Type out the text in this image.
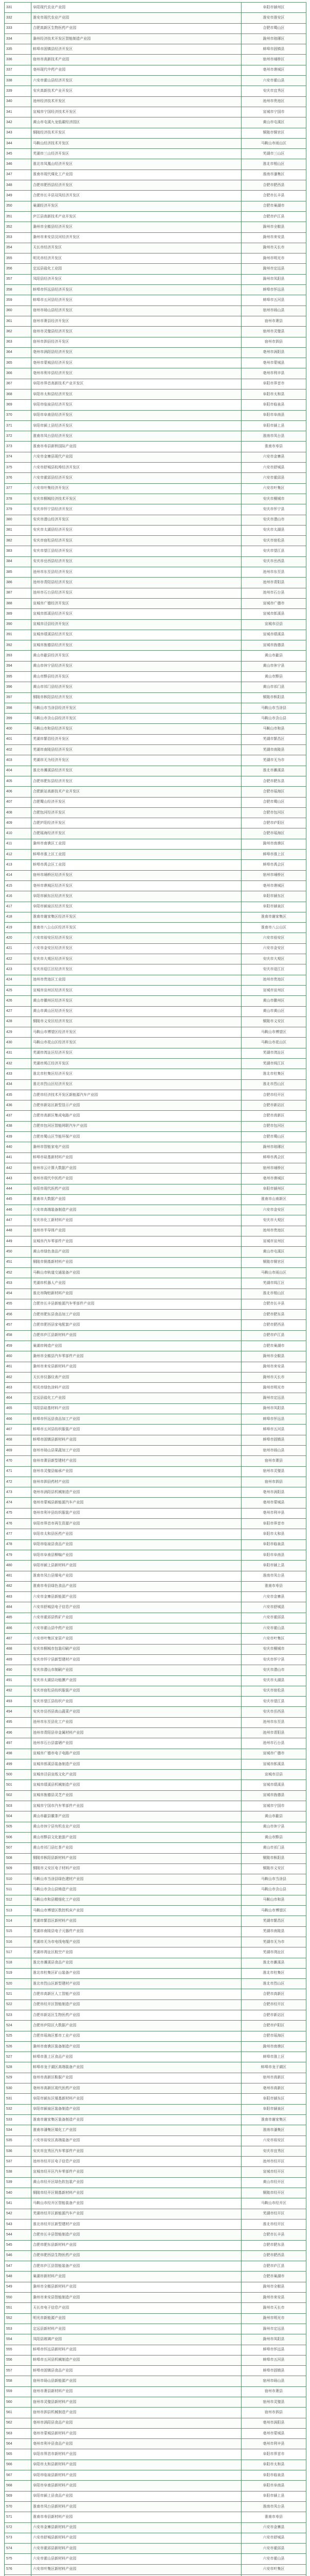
331	阜阳现代农业产业园	阜阳市颍州区
332	淮安市现代农业产业园	淮安市淮安区
333	合肥高新区生物医药产业园	合肥市蜀山区
334	滁州经济技术开发区智能制造产业园	滁州市琅琊区
335	蚌埠市固镇县经济开发区	蚌埠市固镇县
336	宿州市高新技术产业园	宿州市埇桥区
337	亳州现代中药产业园	亳州市谯城区
338	六安市霍山县经济开发区	六安市霍山县
339	安庆高新技术产业开发区	安庆市宜秀区
340	池州经济技术开发区	池州市贵池区
341	宣城市宁国经济技术开发区	宣城市宁国市
342	黄山市屯溪九龙低碳经济园区	黄山市屯溪区
343	铜陵经济技术开发区	铜陵市铜官区
344	马鞍山经济技术开发区	马鞍山市雨山区
345	芜湖市三山经济开发区	芜湖市三山区
346	淮北市凤凰山经济开发区	淮北市相山区
347	淮南市现代煤化工产业园	淮南市潘集区
348	合肥市肥西县经济开发区	合肥市肥西县
349	合肥市长丰县双凤经济开发区	合肥市长丰县
350	巢湖经济开发区	合肥市巢湖市
351	庐江县高新技术产业开发区	合肥市庐江县
352	滁州市全椒县经济开发区	滁州市全椒县
353	滁州市来安县汊河经济开发区	滁州市来安县
354	天长市经济开发区	滁州市天长市
355	明光市经济开发区	滁州市明光市
356	定远县盐化工业园	滁州市定远县
357	凤阳县经济开发区	滁州市凤阳县
358	蚌埠市怀远县经济开发区	蚌埠市怀远县
359	蚌埠市五河县经济开发区	蚌埠市五河县
360	宿州市砀山县经济开发区	宿州市砀山县
361	宿州市萧县经济开发区	宿州市萧县
362	宿州市灵璧县经济开发区	宿州市灵璧县
363	宿州市泗县经济开发区	宿州市泗县
364	亳州市涡阳县经济开发区	亳州市涡阳县
365	亳州市蒙城县经济开发区	亳州市蒙城县
366	亳州市利辛县经济开发区	亳州市利辛县
367	阜阳市界首高新技术产业开发区	阜阳市界首市
368	阜阳市太和县经济开发区	阜阳市太和县
369	阜阳市临泉县经济开发区	阜阳市临泉县
370	阜阳市阜南县经济开发区	阜阳市阜南县
371	阜阳市颍上县经济开发区	阜阳市颍上县
372	淮南市凤台县经济开发区	淮南市凤台县
373	淮南市寿县新桥国际产业园	淮南市寿县
374	六安市金寨县现代产业园	六安市金寨县
375	六安市舒城县杭埠经济开发区	六安市舒城县
376	六安市霍邱县经济开发区	六安市霍邱县
377	六安市叶集经济开发区	六安市叶集区
378	安庆市桐城经济技术开发区	安庆市桐城市
379	安庆市怀宁县经济开发区	安庆市怀宁县
380	安庆市潜山经济开发区	安庆市潜山市
381	安庆市太湖县经济开发区	安庆市太湖县
382	安庆市宿松县经济开发区	安庆市宿松县
383	安庆市望江县经济开发区	安庆市望江县
384	安庆市岳西县经济开发区	安庆市岳西县
385	池州市东至县经济开发区	池州市东至县
386	池州市青阳县经济开发区	池州市青阳县
387	池州市石台县经济开发区	池州市石台县
388	宣城市广德经济开发区	宣城市广德市
389	宣城市郎溪县经济开发区	宣城市郎溪县
390	宣城市泾县经济开发区	宣城市泾县
391	宣城市绩溪县经济开发区	宣城市绩溪县
392	宣城市旌德县经济开发区	宣城市旌德县
393	黄山市歙县经济开发区	黄山市歙县
394	黄山市休宁县经济开发区	黄山市休宁县
395	黄山市黟县经济开发区	黄山市黟县
396	黄山市祁门县经济开发区	黄山市祁门县
397	铜陵市枞阳县经济开发区	铜陵市枞阳县
398	马鞍山市当涂县经济开发区	马鞍山市当涂县
399	马鞍山市含山县经济开发区	马鞍山市含山县
400	马鞍山市和县经济开发区	马鞍山市和县
401	芜湖市繁昌经济开发区	芜湖市繁昌区
402	芜湖市南陵县经济开发区	芜湖市南陵县
403	芜湖市无为经济开发区	芜湖市无为市
404	淮北市濉溪县经济开发区	淮北市濉溪县
405	合肥市肥东县经济开发区	合肥市肥东县
406	合肥新站高新技术产业开发区	合肥市瑶海区
407	合肥蜀山经济开发区	合肥市蜀山区
408	合肥包河经济开发区	合肥市包河区
409	合肥庐阳经济开发区	合肥市庐阳区
410	合肥瑶海经济开发区	合肥市瑶海区
411	滁州市南谯区工业园	滁州市南谯区
412	蚌埠市淮上区工业园	蚌埠市淮上区
413	蚌埠市禹会区工业园	蚌埠市禹会区
414	宿州市埇桥区经济开发区	宿州市埇桥区
415	亳州市谯城区经济开发区	亳州市谯城区
416	阜阳市颍东区经济开发区	阜阳市颍东区
417	阜阳市颍泉区经济开发区	阜阳市颍泉区
418	淮南市谢家集区经济开发区	淮南市谢家集区
419	淮南市八公山区经济开发区	淮南市八公山区
420	六安市裕安区经济开发区	六安市裕安区
421	六安市金安区经济开发区	六安市金安区
422	安庆市大观区经济开发区	安庆市大观区
423	安庆市迎江区经济开发区	安庆市迎江区
424	池州市贵池区工业园	池州市贵池区
425	宣城市宣州区经济开发区	宣城市宣州区
426	黄山市徽州区经济开发区	黄山市徽州区
427	黄山市黄山区经济开发区	黄山市黄山区
428	铜陵市义安区经济开发区	铜陵市义安区
429	马鞍山市博望区经济开发区	马鞍山市博望区
430	马鞍山市花山区经济开发区	马鞍山市花山区
431	芜湖市湾沚区经济开发区	芜湖市湾沚区
432	芜湖市鸠江经济开发区	芜湖市鸠江区
433	淮北市杜集区经济开发区	淮北市杜集区
434	淮北市烈山区经济开发区	淮北市烈山区
435	合肥市经济技术开发区新能源汽车产业园	合肥市经开区
436	合肥市新站区新型显示产业园	合肥市新站区
437	合肥市高新区集成电路产业园	合肥市高新区
438	合肥市包河区智能网联汽车产业园	合肥市包河区
439	合肥市蜀山区节能环保产业园	合肥市蜀山区
440	滁州市智能家电产业园	滁州市琅琊区
441	蚌埠市硅基新材料产业园	蚌埠市禹会区
442	宿州市云计算大数据产业园	宿州市埇桥区
443	亳州市现代中医药产业园	亳州市谯城区
444	阜阳市现代医药产业园	阜阳市颍州区
445	淮南市大数据产业园	淮南市山南新区
446	六安市高端装备制造产业园	六安市金安区
447	安庆市化工新材料产业园	安庆市大观区
448	池州市半导体产业园	池州市贵池区
449	宣城市汽车零部件产业园	宣城市宣州区
450	黄山市绿色食品产业园	黄山市屯溪区
451	铜陵市铜基新材料产业园	铜陵市铜官区
452	马鞍山市轨道交通装备产业园	马鞍山市雨山区
453	芜湖市机器人产业园	芜湖市鸠江区
454	淮北市陶铝新材料产业园	淮北市相山区
455	合肥市长丰县新能源汽车零部件产业园	合肥市长丰县
456	合肥市肥东县食品加工产业园	合肥市肥东县
457	合肥市肥西县家电配套产业园	合肥市肥西县
458	合肥市庐江县新材料产业园	合肥市庐江县
459	巢湖市铸造产业园	合肥市巢湖市
460	滁州市全椒县汽车零部件产业园	滁州市全椒县
461	滁州市来安县新材料产业园	滁州市来安县
462	天长市仪器仪表产业园	滁州市天长市
463	明光市绿色涂料产业园	滁州市明光市
464	定远县盐化工产业园	滁州市定远县
465	凤阳县硅基材料产业园	滁州市凤阳县
466	蚌埠市怀远县食品加工产业园	蚌埠市怀远县
467	蚌埠市五河县纺织服装产业园	蚌埠市五河县
468	蚌埠市固镇县新材料产业园	蚌埠市固镇县
469	宿州市砀山县果蔬加工产业园	宿州市砀山县
470	宿州市萧县新型建材产业园	宿州市萧县
471	宿州市灵璧县轴承产业园	宿州市灵璧县
472	宿州市泗县药材产业园	宿州市泗县
473	亳州市涡阳县机械制造产业园	亳州市涡阳县
474	亳州市蒙城县新能源汽车产业园	亳州市蒙城县
475	亳州市利辛县纺织服装产业园	亳州市利辛县
476	阜阳市界首市再生资源产业园	阜阳市界首市
477	阜阳市太和县医药产业园	阜阳市太和县
478	阜阳市临泉县食品产业园	阜阳市临泉县
479	阜阳市阜南县柳编产业园	阜阳市阜南县
480	阜阳市颍上县新材料产业园	阜阳市颍上县
481	淮南市凤台县煤电产业园	淮南市凤台县
482	淮南市寿县绿色食品产业园	淮南市寿县
483	六安市金寨县新能源产业园	六安市金寨县
484	六安市舒城县电子信息产业园	六安市舒城县
485	六安市霍邱县铁矿产业园	六安市霍邱县
486	六安市霍山县中药产业园	六安市霍山县
487	六安市叶集区家居产业园	六安市叶集区
488	安庆市桐城市包装印刷产业园	安庆市桐城市
489	安庆市怀宁县新型建材产业园	安庆市怀宁县
490	安庆市潜山市制刷产业园	安庆市潜山市
491	安庆市太湖县功能膜产业园	安庆市太湖县
492	安庆市宿松县纺织服装产业园	安庆市宿松县
493	安庆市望江县纺织产业园	安庆市望江县
494	安庆市岳西县高山蔬菜产业园	安庆市岳西县
495	池州市东至县化工产业园	池州市东至县
496	池州市青阳县非金属材料产业园	池州市青阳县
497	池州市石台县富硒产业园	池州市石台县
498	宣城市广德市电子电路产业园	宣城市广德市
499	宣城市郎溪县装备制造产业园	宣城市郎溪县
500	宣城市泾县宣纸文化产业园	宣城市泾县
501	宣城市绩溪县机械制造产业园	宣城市绩溪县
502	宣城市旌德县灵芝产业园	宣城市旌德县
503	宣城市宁国市汽车零部件产业园	宣城市宁国市
504	黄山市歙县徽茶产业园	黄山市歙县
505	黄山市休宁县有机农业产业园	黄山市休宁县
506	黄山市黟县文化旅游产业园	黄山市黟县
507	黄山市祁门县红茶产业园	黄山市祁门县
508	铜陵市枞阳县新材料产业园	铜陵市枞阳县
509	铜陵市义安区电子材料产业园	铜陵市义安区
510	马鞍山市当涂县绿色建材产业园	马鞍山市当涂县
511	马鞍山市含山县铸造产业园	马鞍山市含山县
512	马鞍山市和县精细化工产业园	马鞍山市和县
513	马鞍山市博望区数控机床产业园	马鞍山市博望区
514	芜湖市繁昌区新材料产业园	芜湖市繁昌区
515	芜湖市南陵县电子元器件产业园	芜湖市南陵县
516	芜湖市无为市电线电缆产业园	芜湖市无为市
517	芜湖市湾沚区航空产业园	芜湖市湾沚区
518	淮北市濉溪县食品产业园	淮北市濉溪县
519	淮北市杜集区矿山装备产业园	淮北市杜集区
520	淮北市烈山区新型建材产业园	淮北市烈山区
521	合肥市高新区人工智能产业园	合肥市高新区
522	合肥市经开区智能制造产业园	合肥市经开区
523	合肥市新站区生物医药产业园	合肥市新站区
524	合肥市庐阳区大数据产业园	合肥市庐阳区
525	合肥市瑶海区都市工业产业园	合肥市瑶海区
526	滁州市南谯区装备制造产业园	滁州市南谯区
527	蚌埠市淮上区食品产业园	蚌埠市淮上区
528	蚌埠市龙子湖区高端装备产业园	蚌埠市龙子湖区
529	宿州市高新区鞋服产业园	宿州市高新区
530	亳州市高新区现代医药产业园	亳州市高新区
531	阜阳市颍东区煤基新材料产业园	阜阳市颍东区
532	阜阳市颍泉区装备制造产业园	阜阳市颍泉区
533	淮南市谢家集区装备制造产业园	淮南市谢家集区
534	淮南市潘集区煤化工产业园	淮南市潘集区
535	六安市裕安区高端装备产业园	六安市裕安区
536	安庆市宜秀区汽车零部件产业园	安庆市宜秀区
537	池州市经开区电子信息产业园	池州市经开区
538	宣城市经开区汽车零部件产业园	宣城市经开区
539	黄山市经开区绿色软包装产业园	黄山市经开区
540	铜陵市经开区铜基新材料产业园	铜陵市经开区
541	马鞍山市经开区智能装备产业园	马鞍山市经开区
542	芜湖市经开区新能源汽车产业园	芜湖市经开区
543	淮北市经开区新型建材产业园	淮北市经开区
544	合肥市长丰县智能制造产业园	合肥市长丰县
545	合肥市肥东县新材料产业园	合肥市肥东县
546	合肥市肥西县生物医药产业园	合肥市肥西县
547	合肥市庐江县智能装备产业园	合肥市庐江县
548	巢湖市新材料产业园	合肥市巢湖市
549	滁州市全椒县新材料产业园	滁州市全椒县
550	滁州市来安县智能制造产业园	滁州市来安县
551	天长市电子信息产业园	滁州市天长市
552	明光市新能源产业园	滁州市明光市
553	定远县新材料产业园	滁州市定远县
554	凤阳县玻璃产业园	滁州市凤阳县
555	蚌埠市怀远县新材料产业园	蚌埠市怀远县
556	蚌埠市五河县机械制造产业园	蚌埠市五河县
557	蚌埠市固镇县食品产业园	蚌埠市固镇县
558	宿州市砀山县新能源产业园	宿州市砀山县
559	宿州市萧县新材料产业园	宿州市萧县
560	宿州市灵璧县新材料产业园	宿州市灵璧县
561	宿州市泗县机械制造产业园	宿州市泗县
562	亳州市涡阳县食品产业园	亳州市涡阳县
563	亳州市蒙城县新材料产业园	亳州市蒙城县
564	亳州市利辛县食品产业园	亳州市利辛县
565	阜阳市界首市新材料产业园	阜阳市界首市
566	阜阳市太和县新材料产业园	阜阳市太和县
567	阜阳市临泉县新材料产业园	阜阳市临泉县
568	阜阳市阜南县新材料产业园	阜阳市阜南县
569	阜阳市颍上县食品产业园	阜阳市颍上县
570	淮南市凤台县新材料产业园	淮南市凤台县
571	淮南市寿县新材料产业园	淮南市寿县
572	六安市金寨县新材料产业园	六安市金寨县
573	六安市舒城县新材料产业园	六安市舒城县
574	六安市霍邱县新材料产业园	六安市霍邱县
575	六安市霍山县新材料产业园	六安市霍山县
576	六安市叶集区新材料产业园	六安市叶集区
